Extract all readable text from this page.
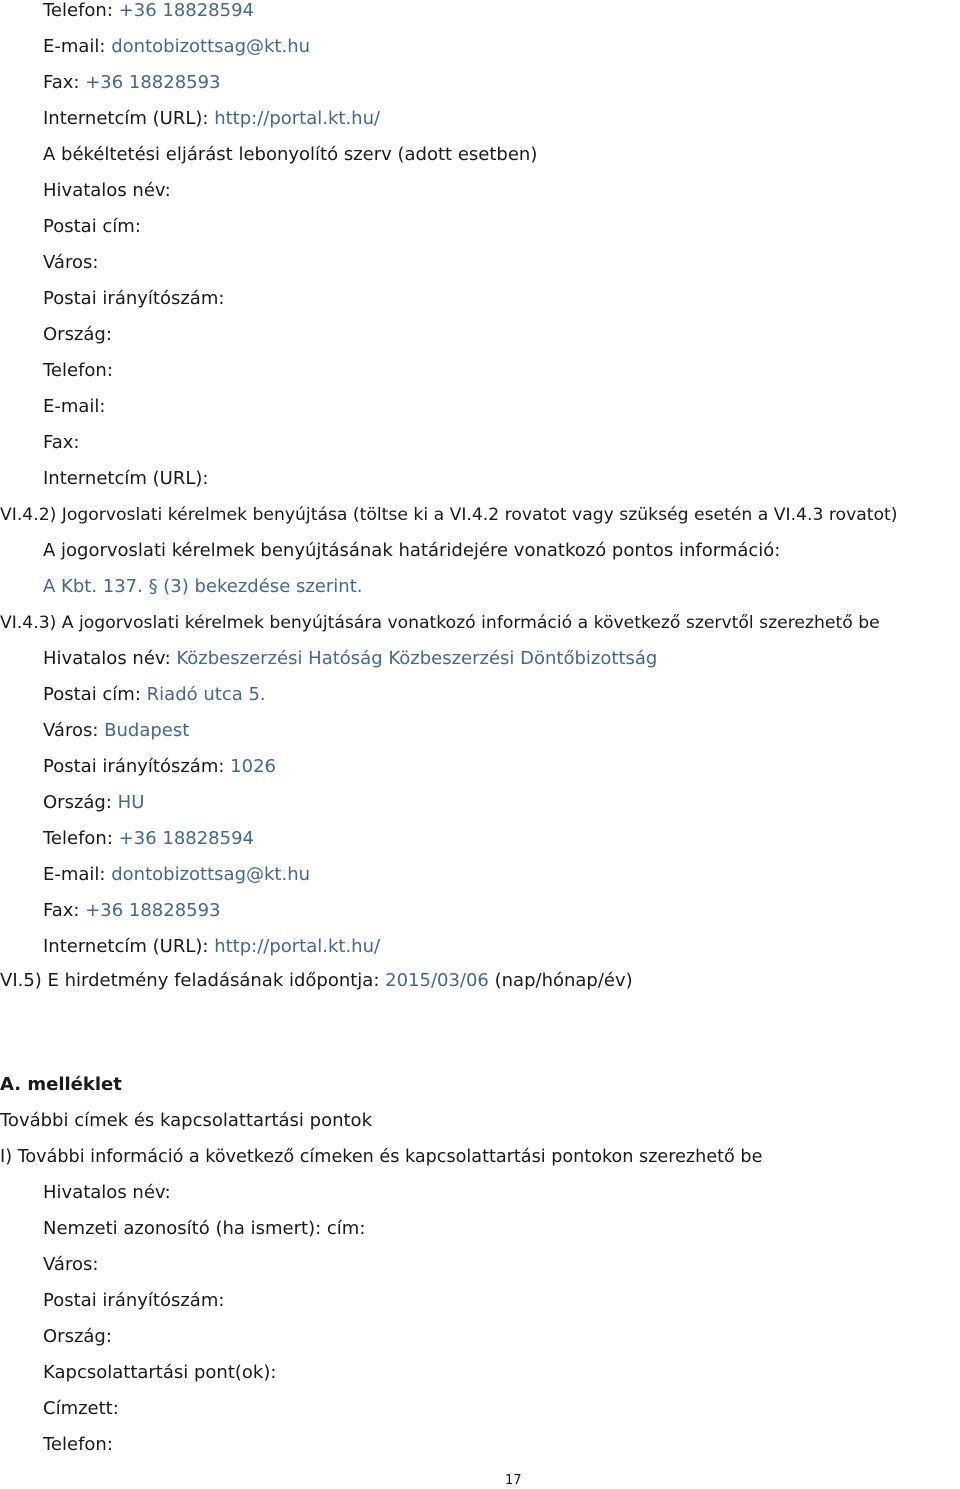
Telefon: +36 18828594
E-mail: dontobizottsag@kt.hu
Fax: +36 18828593
Internetcím (URL): http://portal.kt.hu/
A békéltetési eljárást lebonyolító szerv (adott esetben)
Hivatalos név:
Postai cím:
Város:
Postai irányítószám:
Ország:
Telefon:
E-mail:
Fax:
Internetcím (URL):
VI.4.2) Jogorvoslati kérelmek benyújtása (töltse ki a VI.4.2 rovatot vagy szükség esetén a VI.4.3 rovatot)
A jogorvoslati kérelmek benyújtásának határidejére vonatkozó pontos információ:
A Kbt. 137. § (3) bekezdése szerint.
VI.4.3) A jogorvoslati kérelmek benyújtására vonatkozó információ a következő szervtől szerezhető be
Hivatalos név: Közbeszerzési Hatóság Közbeszerzési Döntőbizottság
Postai cím: Riadó utca 5.
Város: Budapest
Postai irányítószám: 1026
Ország: HU
Telefon: +36 18828594
E-mail: dontobizottsag@kt.hu
Fax: +36 18828593
Internetcím (URL): http://portal.kt.hu/
VI.5) E hirdetmény feladásának időpontja: 2015/03/06 (nap/hónap/év)
A. melléklet
További címek és kapcsolattartási pontok
I) További információ a következő címeken és kapcsolattartási pontokon szerezhető be
Hivatalos név:
Nemzeti azonosító (ha ismert): cím:
Város:
Postai irányítószám:
Ország:
Kapcsolattartási pont(ok):
Címzett:
Telefon:
17
